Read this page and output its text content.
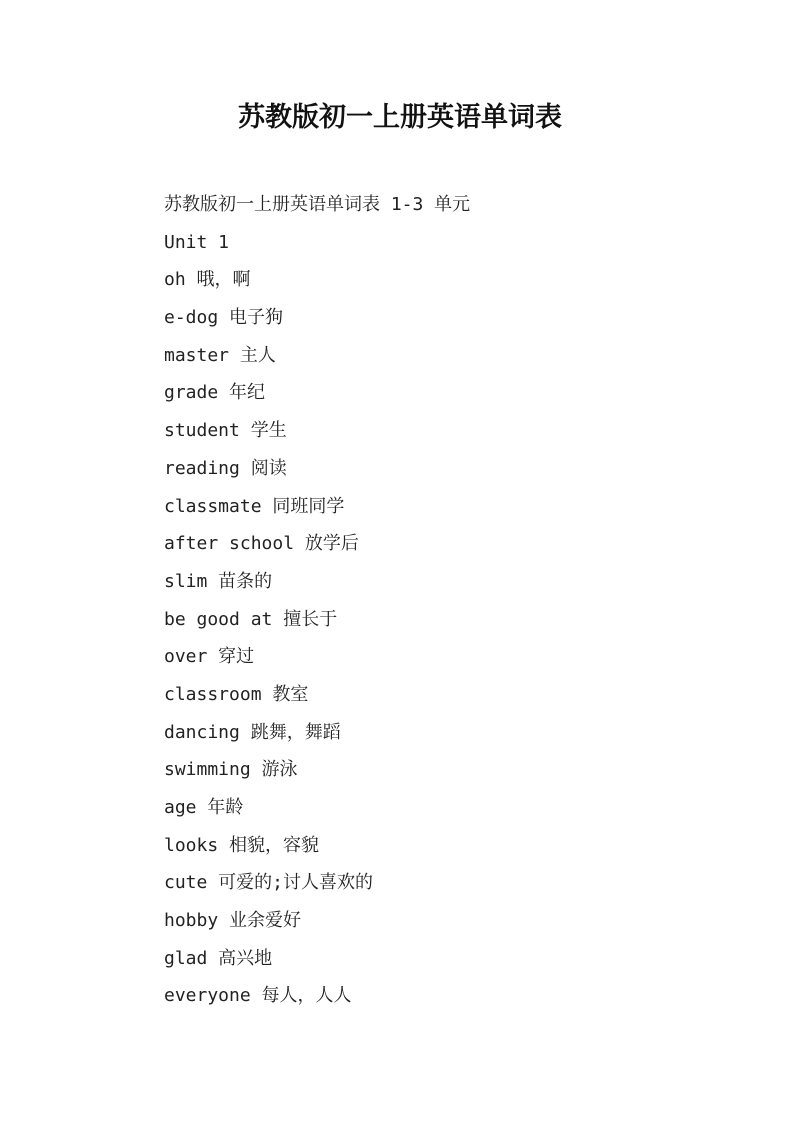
苏教版初一上册英语单词表
苏教版初一上册英语单词表 1-3 单元
Unit 1
oh 哦，啊
e-dog 电子狗
master 主人
grade 年纪
student 学生
reading 阅读
classmate 同班同学
after school 放学后
slim 苗条的
be good at 擅长于
over 穿过
classroom 教室
dancing 跳舞，舞蹈
swimming 游泳
age 年龄
looks 相貌，容貌
cute 可爱的;讨人喜欢的
hobby 业余爱好
glad 高兴地
everyone 每人，人人
